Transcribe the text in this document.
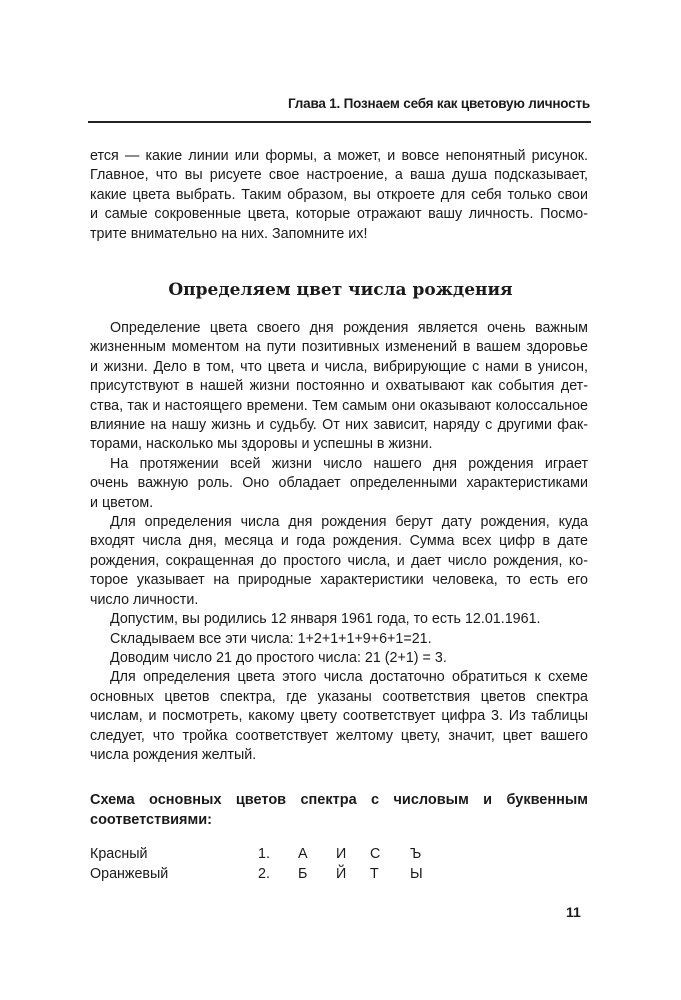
Глава 1. Познаем себя как цветовую личность
ется — какие линии или формы, а может, и вовсе непонятный рисунок.
Главное, что вы рисуете свое настроение, а ваша душа подсказывает,
какие цвета выбрать. Таким образом, вы откроете для себя только свои
и самые сокровенные цвета, которые отражают вашу личность. Посмо-
трите внимательно на них. Запомните их!
Определяем цвет числа рождения
Определение цвета своего дня рождения является очень важным
жизненным моментом на пути позитивных изменений в вашем здоровье
и жизни. Дело в том, что цвета и числа, вибрирующие с нами в унисон,
присутствуют в нашей жизни постоянно и охватывают как события дет-
ства, так и настоящего времени. Тем самым они оказывают колоссальное
влияние на нашу жизнь и судьбу. От них зависит, наряду с другими фак-
торами, насколько мы здоровы и успешны в жизни.
На протяжении всей жизни число нашего дня рождения играет
очень важную роль. Оно обладает определенными характеристиками
и цветом.
Для определения числа дня рождения берут дату рождения, куда
входят числа дня, месяца и года рождения. Сумма всех цифр в дате
рождения, сокращенная до простого числа, и дает число рождения, ко-
торое указывает на природные характеристики человека, то есть его
число личности.
Допустим, вы родились 12 января 1961 года, то есть 12.01.1961.
Складываем все эти числа: 1+2+1+1+9+6+1=21.
Доводим число 21 до простого числа: 21 (2+1) = 3.
Для определения цвета этого числа достаточно обратиться к схеме
основных цветов спектра, где указаны соответствия цветов спектра
числам, и посмотреть, какому цвету соответствует цифра 3. Из таблицы
следует, что тройка соответствует желтому цвету, значит, цвет вашего
числа рождения желтый.
Схема основных цветов спектра с числовым и буквенным
соответствиями:
Красный	1. А И С Ъ
Оранжевый	2. Б Й Т Ы
11
